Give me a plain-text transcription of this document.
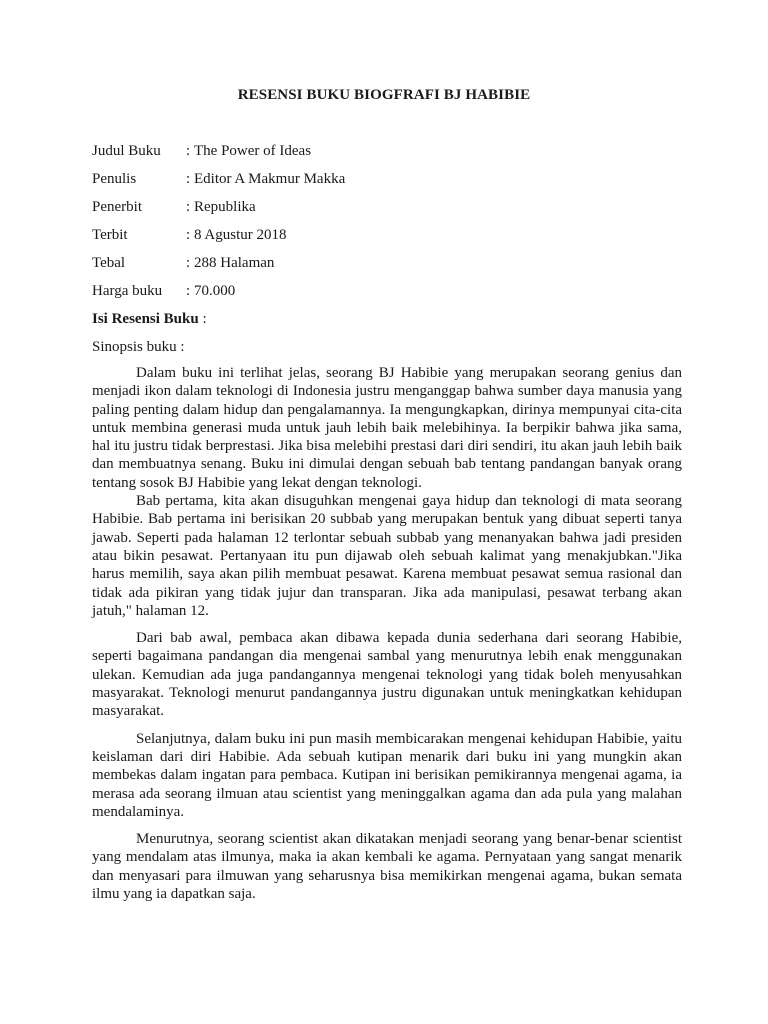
RESENSI BUKU BIOGFRAFI BJ HABIBIE
Judul Buku	: The Power of Ideas
Penulis	: Editor A Makmur Makka
Penerbit	: Republika
Terbit	: 8 Agustur 2018
Tebal	: 288 Halaman
Harga buku	: 70.000
Isi Resensi Buku :
Sinopsis buku :

Dalam buku ini terlihat jelas, seorang BJ Habibie yang merupakan seorang genius dan menjadi ikon dalam teknologi di Indonesia justru menganggap bahwa sumber daya manusia yang paling penting dalam hidup dan pengalamannya. Ia mengungkapkan, dirinya mempunyai cita-cita untuk membina generasi muda untuk jauh lebih baik melebihinya. Ia berpikir bahwa jika sama, hal itu justru tidak berprestasi. Jika bisa melebihi prestasi dari diri sendiri, itu akan jauh lebih baik dan membuatnya senang. Buku ini dimulai dengan sebuah bab tentang pandangan banyak orang tentang sosok BJ Habibie yang lekat dengan teknologi.

Bab pertama, kita akan disuguhkan mengenai gaya hidup dan teknologi di mata seorang Habibie. Bab pertama ini berisikan 20 subbab yang merupakan bentuk yang dibuat seperti tanya jawab. Seperti pada halaman 12 terlontar sebuah subbab yang menanyakan bahwa jadi presiden atau bikin pesawat. Pertanyaan itu pun dijawab oleh sebuah kalimat yang menakjubkan."Jika harus memilih, saya akan pilih membuat pesawat. Karena membuat pesawat semua rasional dan tidak ada pikiran yang tidak jujur dan transparan. Jika ada manipulasi, pesawat terbang akan jatuh," halaman 12.

Dari bab awal, pembaca akan dibawa kepada dunia sederhana dari seorang Habibie, seperti bagaimana pandangan dia mengenai sambal yang menurutnya lebih enak menggunakan ulekan. Kemudian ada juga pandangannya mengenai teknologi yang tidak boleh menyusahkan masyarakat. Teknologi menurut pandangannya justru digunakan untuk meningkatkan kehidupan masyarakat.

Selanjutnya, dalam buku ini pun masih membicarakan mengenai kehidupan Habibie, yaitu keislaman dari diri Habibie. Ada sebuah kutipan menarik dari buku ini yang mungkin akan membekas dalam ingatan para pembaca. Kutipan ini berisikan pemikirannya mengenai agama, ia merasa ada seorang ilmuan atau scientist yang meninggalkan agama dan ada pula yang malahan mendalaminya.

Menurutnya, seorang scientist akan dikatakan menjadi seorang yang benar-benar scientist yang mendalam atas ilmunya, maka ia akan kembali ke agama. Pernyataan yang sangat menarik dan menyasari para ilmuwan yang seharusnya bisa memikirkan mengenai agama, bukan semata ilmu yang ia dapatkan saja.
